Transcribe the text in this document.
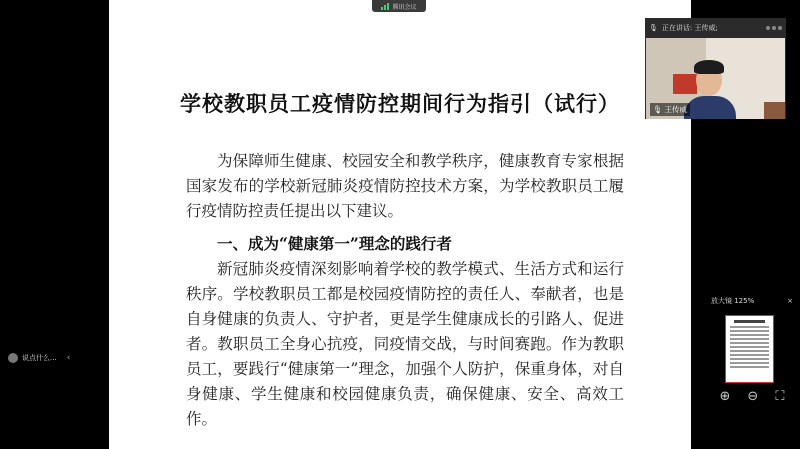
学校教职员工疫情防控期间行为指引（试行）

为保障师生健康、校园安全和教学秩序，健康教育专家根据国家发布的学校新冠肺炎疫情防控技术方案，为学校教职员工履行疫情防控责任提出以下建议。

一、成为“健康第一”理念的践行者

新冠肺炎疫情深刻影响着学校的教学模式、生活方式和运行秩序。学校教职员工都是校园疫情防控的责任人、奉献者，也是自身健康的负责人、守护者，更是学生健康成长的引路人、促进者。教职员工全身心抗疫，同疫情交战，与时间赛跑。作为教职员工，要践行“健康第一”理念，加强个人防护，保重身体，对自身健康、学生健康和校园健康负责，确保健康、安全、高效工作。

腾讯会议
🎙 正在讲话: 王传威;
🎙 王传威
说点什么... ‹
放大镜 125%	×
⊕ ⊖ ⛶
